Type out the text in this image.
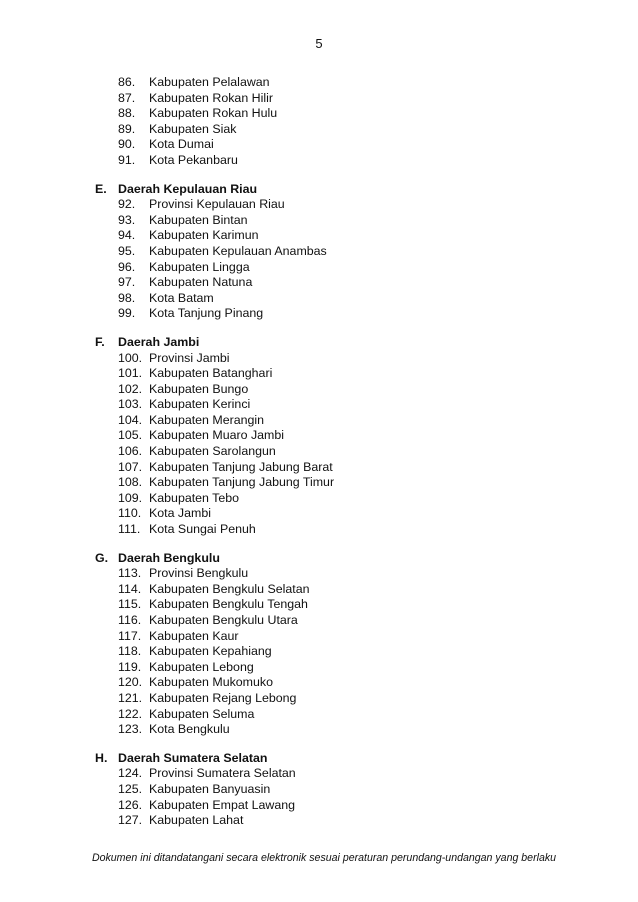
5
86. Kabupaten Pelalawan
87. Kabupaten Rokan Hilir
88. Kabupaten Rokan Hulu
89. Kabupaten Siak
90. Kota Dumai
91. Kota Pekanbaru
E. Daerah Kepulauan Riau
92. Provinsi Kepulauan Riau
93. Kabupaten Bintan
94. Kabupaten Karimun
95. Kabupaten Kepulauan Anambas
96. Kabupaten Lingga
97. Kabupaten Natuna
98. Kota Batam
99. Kota Tanjung Pinang
F. Daerah Jambi
100. Provinsi Jambi
101. Kabupaten Batanghari
102. Kabupaten Bungo
103. Kabupaten Kerinci
104. Kabupaten Merangin
105. Kabupaten Muaro Jambi
106. Kabupaten Sarolangun
107. Kabupaten Tanjung Jabung Barat
108. Kabupaten Tanjung Jabung Timur
109. Kabupaten Tebo
110. Kota Jambi
111. Kota Sungai Penuh
G. Daerah Bengkulu
113. Provinsi Bengkulu
114. Kabupaten Bengkulu Selatan
115. Kabupaten Bengkulu Tengah
116. Kabupaten Bengkulu Utara
117. Kabupaten Kaur
118. Kabupaten Kepahiang
119. Kabupaten Lebong
120. Kabupaten Mukomuko
121. Kabupaten Rejang Lebong
122. Kabupaten Seluma
123. Kota Bengkulu
H. Daerah Sumatera Selatan
124. Provinsi Sumatera Selatan
125. Kabupaten Banyuasin
126. Kabupaten Empat Lawang
127. Kabupaten Lahat
Dokumen ini ditandatangani secara elektronik sesuai peraturan perundang-undangan yang berlaku
